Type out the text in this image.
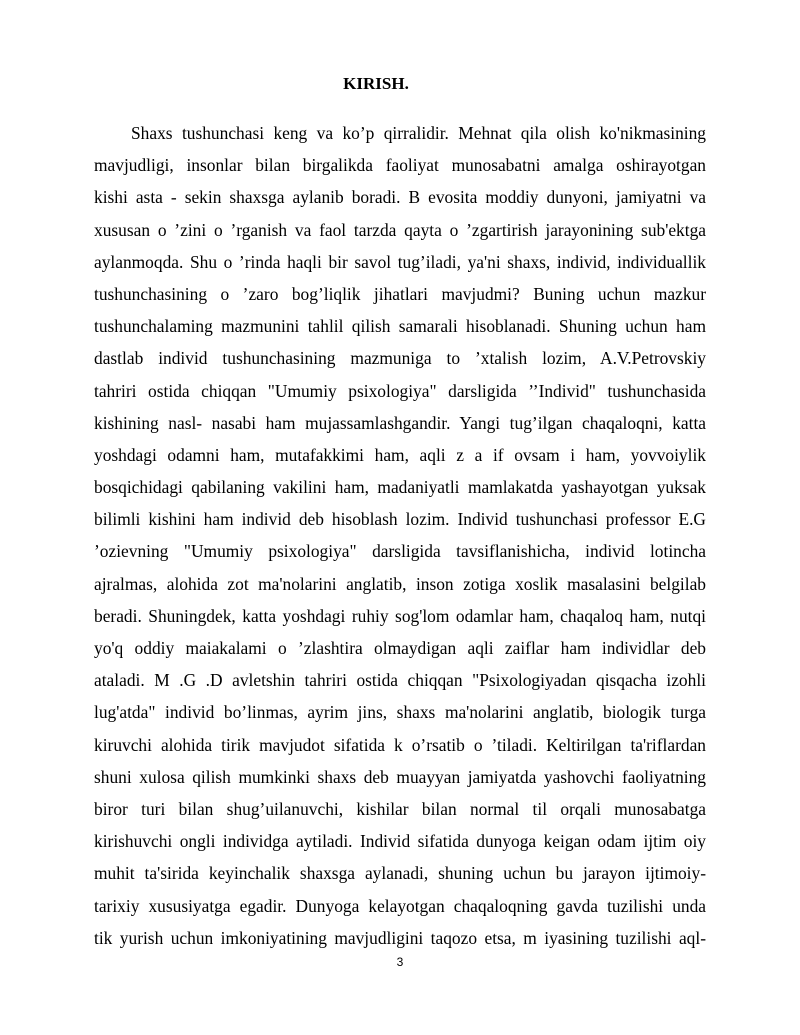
KIRISH.
Shaxs tushunchasi keng va ko’p qirralidir. Mehnat qila olish ko'nikmasining
mavjudligi, insonlar bilan birgalikda faoliyat munosabatni amalga oshirayotgan
kishi asta - sekin shaxsga aylanib boradi. B evosita moddiy dunyoni, jamiyatni va
xususan o ’zini o ’rganish va faol tarzda qayta o ’zgartirish jarayonining sub'ektga
aylanmoqda. Shu o ’rinda haqli bir savol tug’iladi, ya'ni shaxs, individ, individuallik
tushunchasining o ’zaro bog’liqlik jihatlari mavjudmi? Buning uchun mazkur
tushunchalaming mazmunini tahlil qilish samarali hisoblanadi. Shuning uchun ham
dastlab individ tushunchasining mazmuniga to ’xtalish lozim, A.V.Petrovskiy
tahriri ostida chiqqan "Umumiy psixologiya" darsligida ’’Individ" tushunchasida
kishining nasl- nasabi ham mujassamlashgandir. Yangi tug’ilgan chaqaloqni, katta
yoshdagi odamni ham, mutafakkimi ham, aqli z a if ovsam i ham, yovvoiylik
bosqichidagi qabilaning vakilini ham, madaniyatli mamlakatda yashayotgan yuksak
bilimli kishini ham individ deb hisoblash lozim. Individ tushunchasi professor E.G
’ozievning "Umumiy psixologiya" darsligida tavsiflanishicha, individ lotincha
ajralmas, alohida zot ma'nolarini anglatib, inson zotiga xoslik masalasini belgilab
beradi. Shuningdek, katta yoshdagi ruhiy sog'lom odamlar ham, chaqaloq ham, nutqi
yo'q oddiy maiakalami o ’zlashtira olmaydigan aqli zaiflar ham individlar deb
ataladi. M .G .D avletshin tahriri ostida chiqqan "Psixologiyadan qisqacha izohli
lug'atda" individ bo’linmas, ayrim jins, shaxs ma'nolarini anglatib, biologik turga
kiruvchi alohida tirik mavjudot sifatida k o’rsatib o ’tiladi. Keltirilgan ta'riflardan
shuni xulosa qilish mumkinki shaxs deb muayyan jamiyatda yashovchi faoliyatning
biror turi bilan shug’uilanuvchi, kishilar bilan normal til orqali munosabatga
kirishuvchi ongli individga aytiladi. Individ sifatida dunyoga keigan odam ijtim oiy
muhit ta'sirida keyinchalik shaxsga aylanadi, shuning uchun bu jarayon ijtimoiy-
tarixiy xususiyatga egadir. Dunyoga kelayotgan chaqaloqning gavda tuzilishi unda
tik yurish uchun imkoniyatining mavjudligini taqozo etsa, m iyasining tuzilishi aql-
3
